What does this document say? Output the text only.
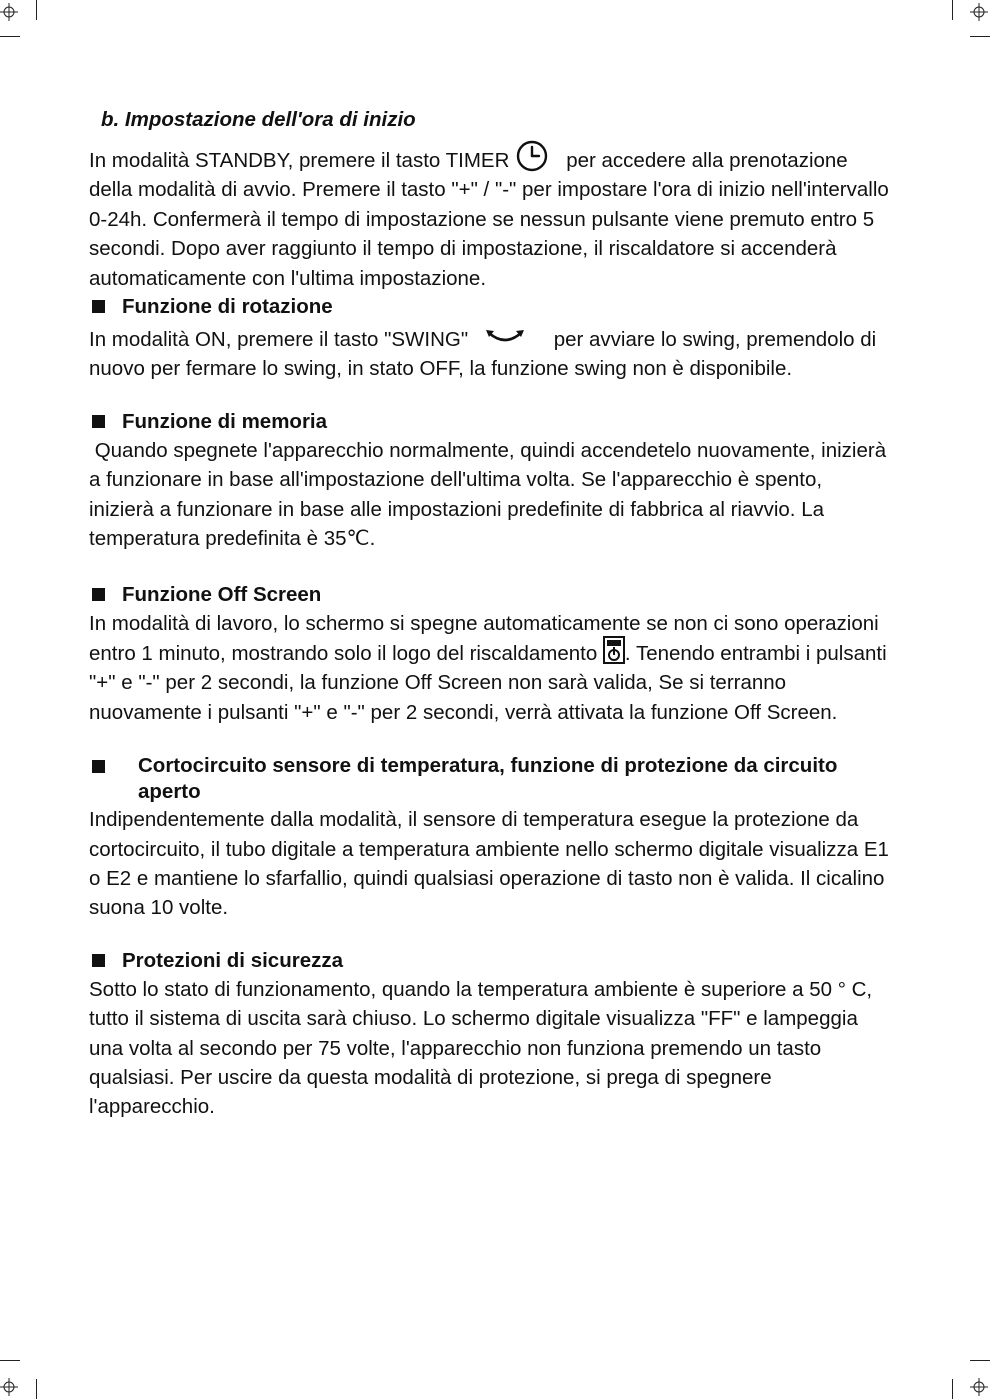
b. Impostazione dell'ora di inizio

In modalità STANDBY, premere il tasto TIMER    per accedere alla prenotazione della modalità di avvio. Premere il tasto "+" / "-" per impostare l'ora di inizio nell'intervallo 0-24h. Confermerà il tempo di impostazione se nessun pulsante viene premuto entro 5 secondi. Dopo aver raggiunto il tempo di impostazione, il riscaldatore si accenderà automaticamente con l'ultima impostazione.

Funzione di rotazione

In modalità ON, premere il tasto "SWING"	per avviare lo swing, premendolo di nuovo per fermare lo swing, in stato OFF, la funzione swing non è disponibile.

Funzione di memoria

Quando spegnete l'apparecchio normalmente, quindi accendetelo nuovamente, inizierà a funzionare in base all'impostazione dell'ultima volta. Se l'apparecchio è spento, inizierà a funzionare in base alle impostazioni predefinite di fabbrica al riavvio. La temperatura predefinita è 35℃.

Funzione Off Screen

In modalità di lavoro, lo schermo si spegne automaticamente se non ci sono operazioni entro 1 minuto, mostrando solo il logo del riscaldamento . Tenendo entrambi i pulsanti "+" e "-" per 2 secondi, la funzione Off Screen non sarà valida, Se si terranno nuovamente i pulsanti "+" e "-" per 2 secondi, verrà attivata la funzione Off Screen.

Cortocircuito sensore di temperatura, funzione di protezione da circuito aperto

Indipendentemente dalla modalità, il sensore di temperatura esegue la protezione da cortocircuito, il tubo digitale a temperatura ambiente nello schermo digitale visualizza E1 o E2 e mantiene lo sfarfallio, quindi qualsiasi operazione di tasto non è valida. Il cicalino suona 10 volte.

Protezioni di sicurezza

Sotto lo stato di funzionamento, quando la temperatura ambiente è superiore a 50 ° C, tutto il sistema di uscita sarà chiuso. Lo schermo digitale visualizza "FF" e lampeggia una volta al secondo per 75 volte, l'apparecchio non funziona premendo un tasto qualsiasi. Per uscire da questa modalità di protezione, si prega di spegnere l'apparecchio.
